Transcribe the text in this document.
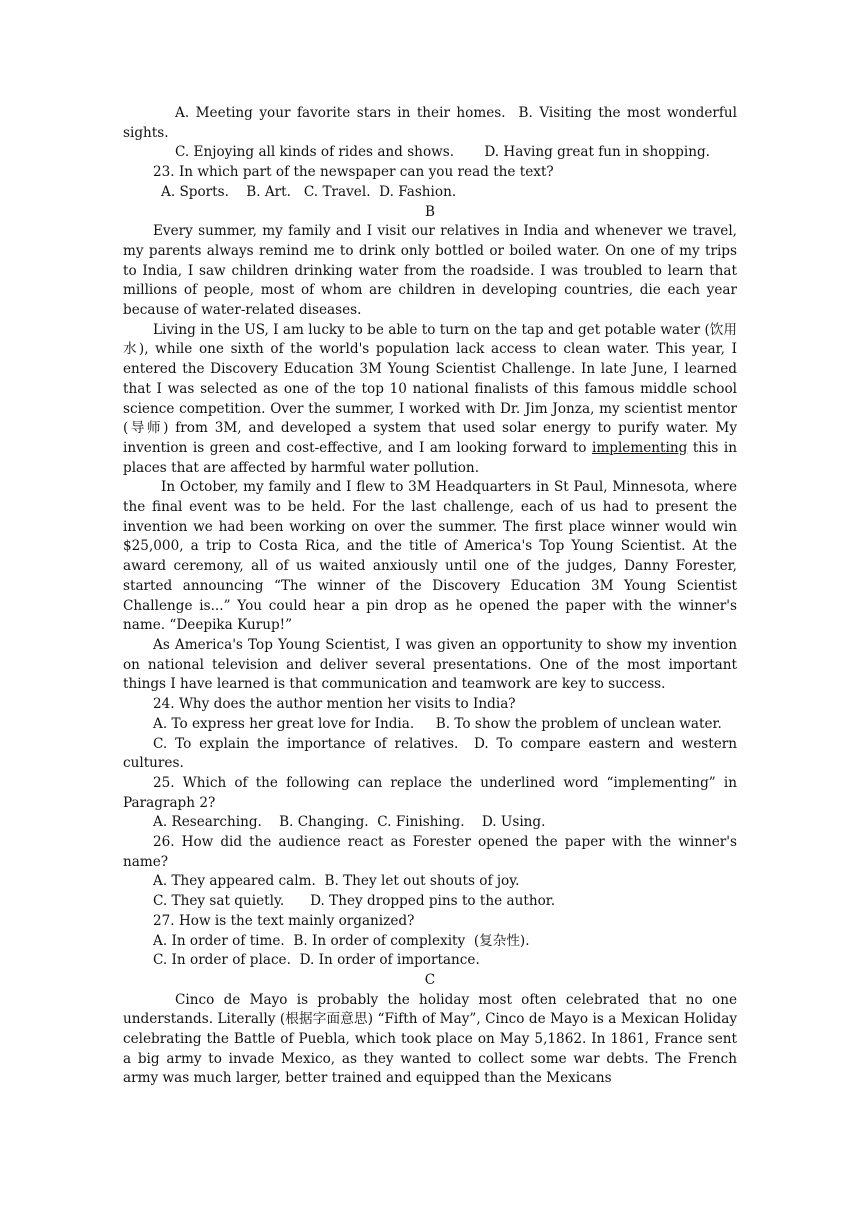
A. Meeting your favorite stars in their homes. B. Visiting the most wonderful sights.

C. Enjoying all kinds of rides and shows. D. Having great fun in shopping.

23. In which part of the newspaper can you read the text?

A. Sports.    B. Art.   C. Travel.  D. Fashion.

B

Every summer, my family and I visit our relatives in India and whenever we travel, my parents always remind me to drink only bottled or boiled water. On one of my trips to India, I saw children drinking water from the roadside. I was troubled to learn that millions of people, most of whom are children in developing countries, die each year because of water-related diseases.

Living in the US, I am lucky to be able to turn on the tap and get potable water (饮用水), while one sixth of the world's population lack access to clean water. This year, I entered the Discovery Education 3M Young Scientist Challenge. In late June, I learned that I was selected as one of the top 10 national finalists of this famous middle school science competition. Over the summer, I worked with Dr. Jim Jonza, my scientist mentor (导师) from 3M, and developed a system that used solar energy to purify water. My invention is green and cost-effective, and I am looking forward to implementing this in places that are affected by harmful water pollution.

In October, my family and I flew to 3M Headquarters in St Paul, Minnesota, where the final event was to be held. For the last challenge, each of us had to present the invention we had been working on over the summer. The first place winner would win $25,000, a trip to Costa Rica, and the title of America's Top Young Scientist. At the award ceremony, all of us waited anxiously until one of the judges, Danny Forester, started announcing “The winner of the Discovery Education 3M Young Scientist Challenge is...” You could hear a pin drop as he opened the paper with the winner's name. “Deepika Kurup!”

As America's Top Young Scientist, I was given an opportunity to show my invention on national television and deliver several presentations. One of the most important things I have learned is that communication and teamwork are key to success.

24. Why does the author mention her visits to India?

A. To express her great love for India.     B. To show the problem of unclean water.

C. To explain the importance of relatives.  D. To compare eastern and western cultures.

25. Which of the following can replace the underlined word “implementing” in Paragraph 2?

A. Researching.    B. Changing.  C. Finishing.    D. Using.

26. How did the audience react as Forester opened the paper with the winner's name?

A. They appeared calm.  B. They let out shouts of joy.

C. They sat quietly.      D. They dropped pins to the author.

27. How is the text mainly organized?

A. In order of time.  B. In order of complexity  (复杂性).

C. In order of place.  D. In order of importance.

C

Cinco de Mayo is probably the holiday most often celebrated that no one understands. Literally (根据字面意思) “Fifth of May”, Cinco de Mayo is a Mexican Holiday celebrating the Battle of Puebla, which took place on May 5,1862. In 1861, France sent a big army to invade Mexico, as they wanted to collect some war debts. The French army was much larger, better trained and equipped than the Mexicans
